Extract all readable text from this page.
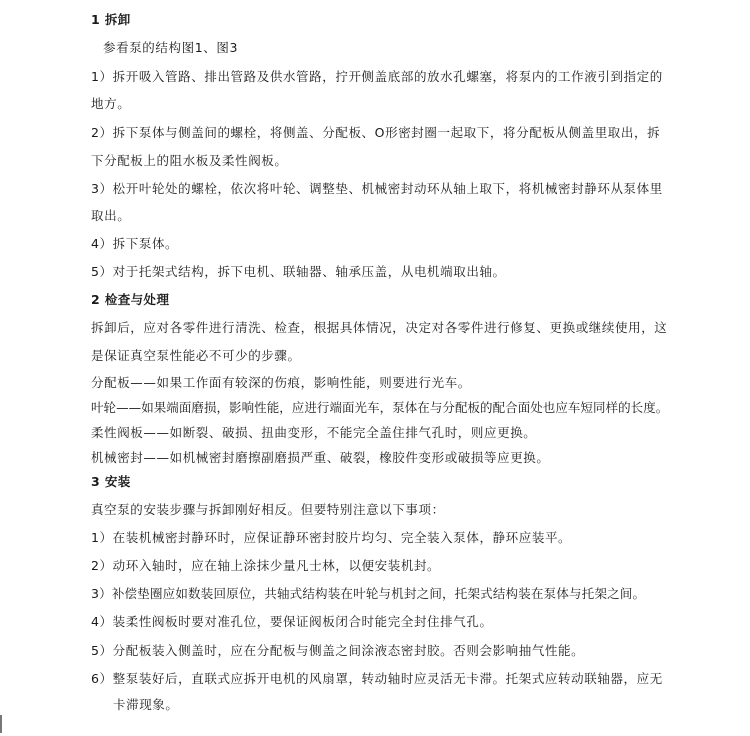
1 拆卸
参看泵的结构图1、图3
1）拆开吸入管路、排出管路及供水管路，拧开侧盖底部的放水孔螺塞，将泵内的工作液引到指定的
地方。
2）拆下泵体与侧盖间的螺栓，将侧盖、分配板、O形密封圈一起取下，将分配板从侧盖里取出，拆
下分配板上的阻水板及柔性阀板。
3）松开叶轮处的螺栓，依次将叶轮、调整垫、机械密封动环从轴上取下，将机械密封静环从泵体里
取出。
4）拆下泵体。
5）对于托架式结构，拆下电机、联轴器、轴承压盖，从电机端取出轴。
2 检查与处理
拆卸后，应对各零件进行清洗、检查，根据具体情况，决定对各零件进行修复、更换或继续使用，这
是保证真空泵性能必不可少的步骤。
分配板——如果工作面有较深的伤痕，影响性能，则要进行光车。
叶轮——如果端面磨损，影响性能，应进行端面光车，泵体在与分配板的配合面处也应车短同样的长度。
柔性阀板——如断裂、破损、扭曲变形，不能完全盖住排气孔时，则应更换。
机械密封——如机械密封磨擦副磨损严重、破裂，橡胶件变形或破损等应更换。
3 安装
真空泵的安装步骤与拆卸刚好相反。但要特别注意以下事项：
1）在装机械密封静环时，应保证静环密封胶片均匀、完全装入泵体，静环应装平。
2）动环入轴时，应在轴上涂抹少量凡士林，以便安装机封。
3）补偿垫圈应如数装回原位，共轴式结构装在叶轮与机封之间，托架式结构装在泵体与托架之间。
4）装柔性阀板时要对准孔位，要保证阀板闭合时能完全封住排气孔。
5）分配板装入侧盖时，应在分配板与侧盖之间涂液态密封胶。否则会影响抽气性能。
6）整泵装好后，直联式应拆开电机的风扇罩，转动轴时应灵活无卡滞。托架式应转动联轴器，应无
卡滞现象。
